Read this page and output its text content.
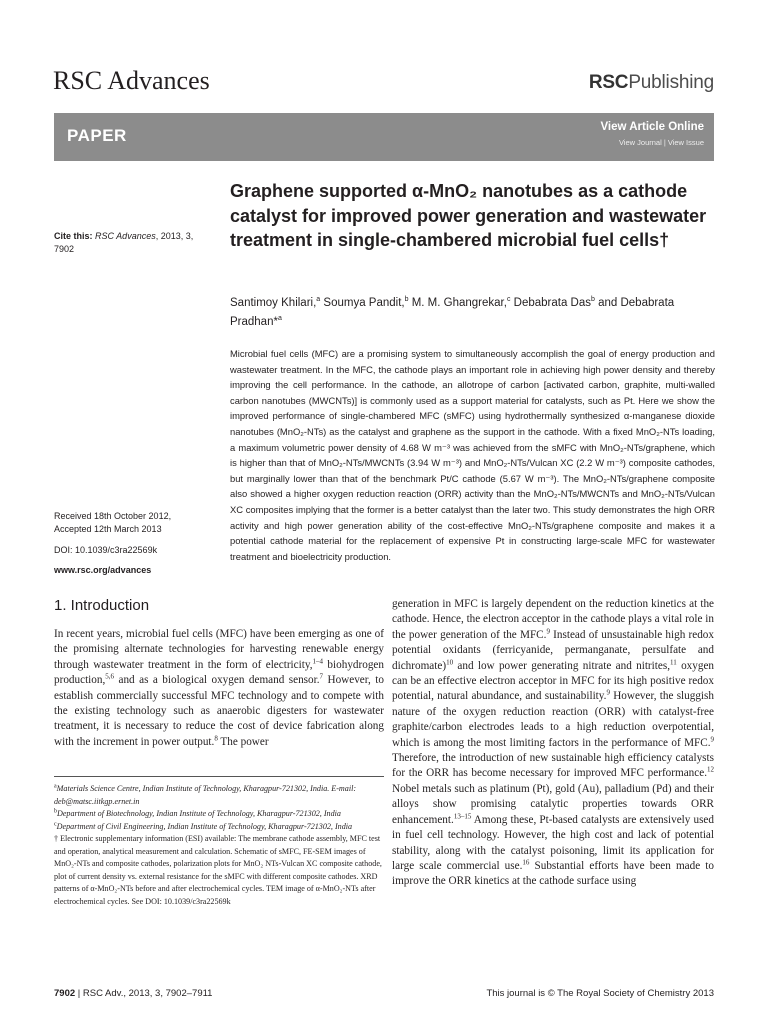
RSC Advances	RSCPublishing
PAPER	View Article Online
View Journal | View Issue
Graphene supported α-MnO₂ nanotubes as a cathode catalyst for improved power generation and wastewater treatment in single-chambered microbial fuel cells†
Cite this: RSC Advances, 2013, 3, 7902
Santimoy Khilari,$^a$ Soumya Pandit,$^b$ M. M. Ghangrekar,$^c$ Debabrata Das$^b$ and Debabrata Pradhan*$^a$
Microbial fuel cells (MFC) are a promising system to simultaneously accomplish the goal of energy production and wastewater treatment. In the MFC, the cathode plays an important role in achieving high power density and thereby improving the cell performance. In the cathode, an allotrope of carbon [activated carbon, graphite, multi-walled carbon nanotubes (MWCNTs)] is commonly used as a support material for catalysts, such as Pt. Here we show the improved performance of single-chambered MFC (sMFC) using hydrothermally synthesized α-manganese dioxide nanotubes (MnO₂-NTs) as the catalyst and graphene as the support in the cathode. With a fixed MnO₂-NTs loading, a maximum volumetric power density of 4.68 W m⁻³ was achieved from the sMFC with MnO₂-NTs/graphene, which is higher than that of MnO₂-NTs/MWCNTs (3.94 W m⁻³) and MnO₂-NTs/Vulcan XC (2.2 W m⁻³) composite cathodes, but marginally lower than that of the benchmark Pt/C cathode (5.67 W m⁻³). The MnO₂-NTs/graphene composite also showed a higher oxygen reduction reaction (ORR) activity than the MnO₂-NTs/MWCNTs and MnO₂-NTs/Vulcan XC composites implying that the former is a better catalyst than the later two. This study demonstrates the high ORR activity and high power generation ability of the cost-effective MnO₂-NTs/graphene composite and makes it a potential cathode material for the replacement of expensive Pt in constructing large-scale MFC for wastewater treatment and bioelectricity production.
Received 18th October 2012,
Accepted 12th March 2013
DOI: 10.1039/c3ra22569k
www.rsc.org/advances
1. Introduction
In recent years, microbial fuel cells (MFC) have been emerging as one of the promising alternate technologies for harvesting renewable energy through wastewater treatment in the form of electricity,$^{1-4}$ biohydrogen production,$^{5,6}$ and as a biological oxygen demand sensor.$^7$ However, to establish commercially successful MFC technology and to compete with the existing technology such as anaerobic digesters for wastewater treatment, it is necessary to reduce the cost of device fabrication along with the increment in power output.$^8$ The power
generation in MFC is largely dependent on the reduction kinetics at the cathode. Hence, the electron acceptor in the cathode plays a vital role in the power generation of the MFC.$^9$ Instead of unsustainable high redox potential oxidants (ferricyanide, permanganate, persulfate and dichromate)$^{10}$ and low power generating nitrate and nitrites,$^{11}$ oxygen can be an effective electron acceptor in MFC for its high positive redox potential, natural abundance, and sustainability.$^9$ However, the sluggish nature of the oxygen reduction reaction (ORR) with catalyst-free graphite/carbon electrodes leads to a high reduction overpotential, which is among the most limiting factors in the performance of MFC.$^9$ Therefore, the introduction of new sustainable high efficiency catalysts for the ORR has become necessary for improved MFC performance.$^{12}$ Nobel metals such as platinum (Pt), gold (Au), palladium (Pd) and their alloys show promising catalytic properties towards ORR enhancement.$^{13-15}$ Among these, Pt-based catalysts are extensively used in fuel cell technology. However, the high cost and lack of potential stability, along with the catalyst poisoning, limit its application for large scale commercial use.$^{16}$ Substantial efforts have been made to improve the ORR kinetics at the cathode surface using

$^a$Materials Science Centre, Indian Institute of Technology, Kharagpur-721302, India. E-mail: deb@matsc.iitkgp.ernet.in

$^b$Department of Biotechnology, Indian Institute of Technology, Kharagpur-721302, India

$^c$Department of Civil Engineering, Indian Institute of Technology, Kharagpur-721302, India

† Electronic supplementary information (ESI) available: The membrane cathode assembly, MFC test and operation, analytical measurement and calculation. Schematic of sMFC, FE-SEM images of MnO₂-NTs and composite cathodes, polarization plots for MnO₂ NTs-Vulcan XC composite cathode, plot of current density vs. external resistance for the sMFC with different composite cathodes. XRD patterns of α-MnO₂-NTs before and after electrochemical cycles. TEM image of α-MnO₂-NTs after electrochemical cycles. See DOI: 10.1039/c3ra22569k

7902 | RSC Adv., 2013, 3, 7902–7911	This journal is © The Royal Society of Chemistry 2013
